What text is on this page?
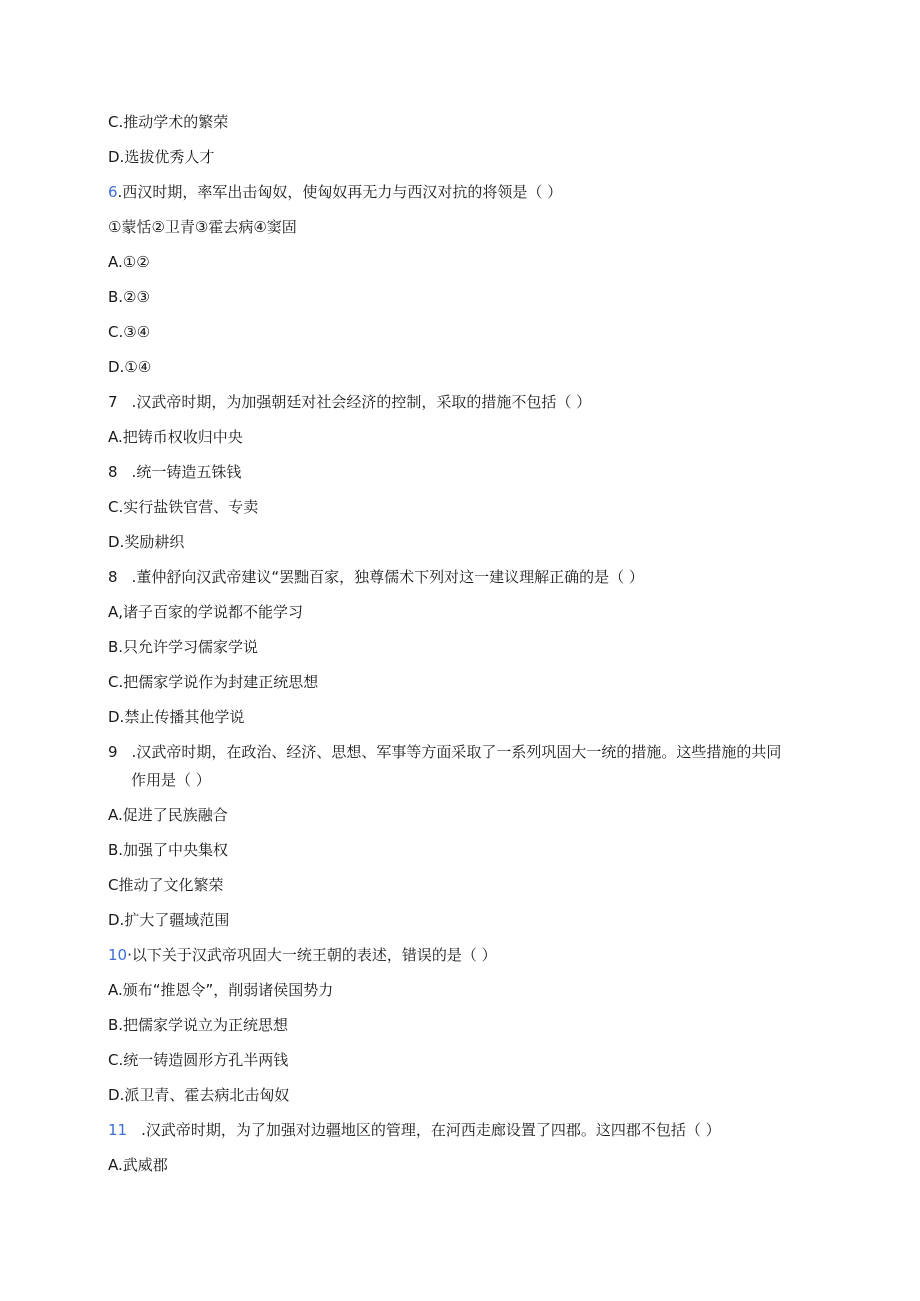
C.推动学术的繁荣
D.选拔优秀人才
6.西汉时期，率军出击匈奴，使匈奴再无力与西汉对抗的将领是（ ）
①蒙恬②卫青③霍去病④窦固
A.①②
B.②③
C.③④
D.①④
7 .汉武帝时期，为加强朝廷对社会经济的控制，采取的措施不包括（ ）
A.把铸币权收归中央
8 .统一铸造五铢钱
C.实行盐铁官营、专卖
D.奖励耕织
8 .董仲舒向汉武帝建议“罢黜百家，独尊儒术下列对这一建议理解正确的是（ ）
A,诸子百家的学说都不能学习
B.只允许学习儒家学说
C.把儒家学说作为封建正统思想
D.禁止传播其他学说
9 .汉武帝时期，在政治、经济、思想、军事等方面采取了一系列巩固大一统的措施。这些措施的共同
作用是（ ）
A.促进了民族融合
B.加强了中央集权
C推动了文化繁荣
D.扩大了疆域范围
10·以下关于汉武帝巩固大一统王朝的表述，错误的是（ ）
A.颁布“推恩令”，削弱诸侯国势力
B.把儒家学说立为正统思想
C.统一铸造圆形方孔半两钱
D.派卫青、霍去病北击匈奴
11 .汉武帝时期，为了加强对边疆地区的管理，在河西走廊设置了四郡。这四郡不包括（ ）
A.武威郡
